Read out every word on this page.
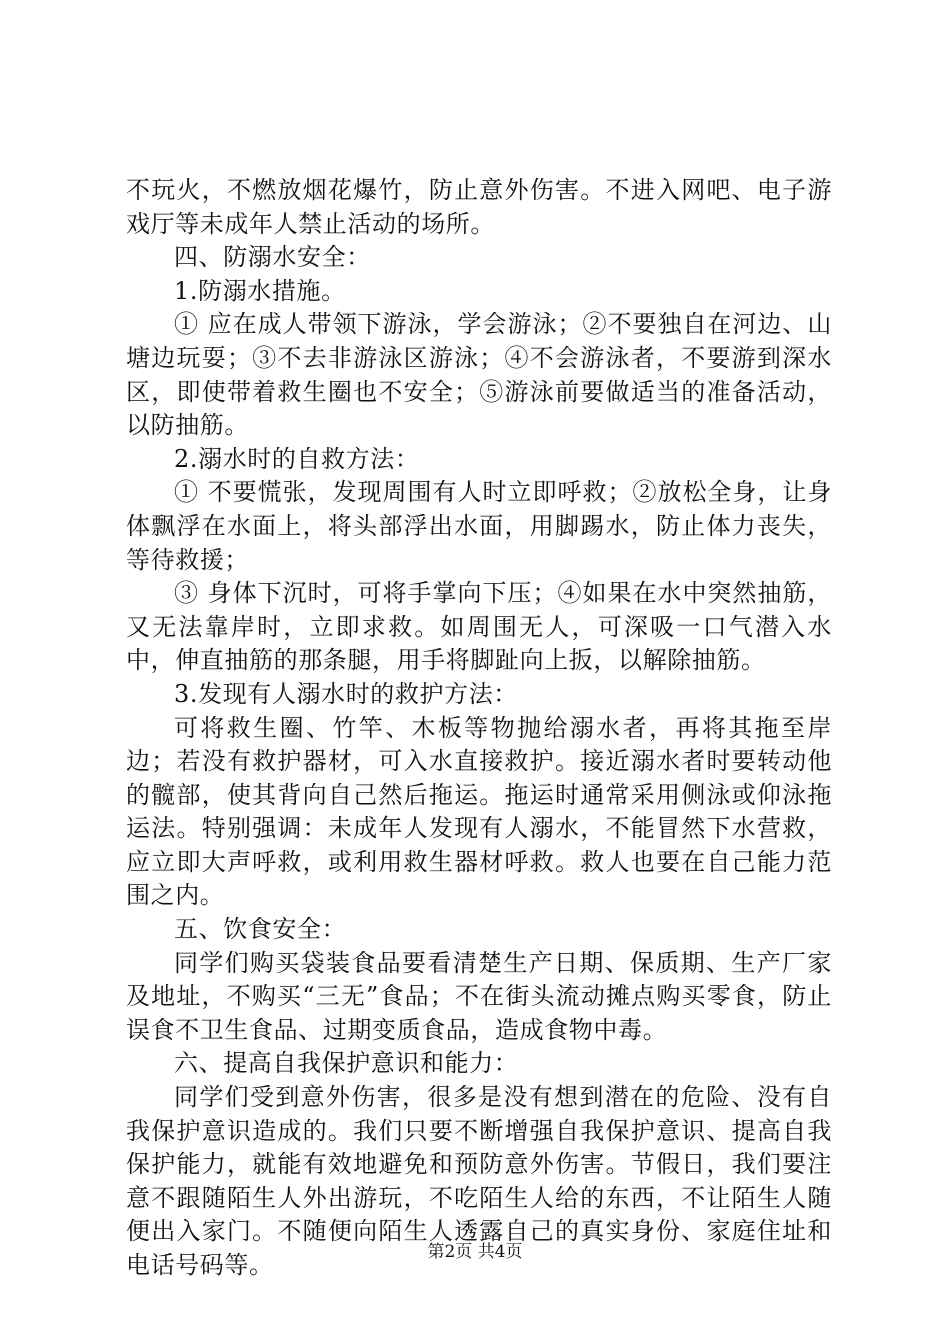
不玩火，不燃放烟花爆竹，防止意外伤害。不进入网吧、电子游戏厅等未成年人禁止活动的场所。

四、防溺水安全：

1.防溺水措施。

① 应在成人带领下游泳，学会游泳；②不要独自在河边、山塘边玩耍；③不去非游泳区游泳；④不会游泳者，不要游到深水区，即使带着救生圈也不安全；⑤游泳前要做适当的准备活动，以防抽筋。

2.溺水时的自救方法：

① 不要慌张，发现周围有人时立即呼救；②放松全身，让身体飘浮在水面上，将头部浮出水面，用脚踢水，防止体力丧失，等待救援；

③ 身体下沉时，可将手掌向下压；④如果在水中突然抽筋，又无法靠岸时，立即求救。如周围无人，可深吸一口气潜入水中，伸直抽筋的那条腿，用手将脚趾向上扳，以解除抽筋。

3.发现有人溺水时的救护方法：

可将救生圈、竹竿、木板等物抛给溺水者，再将其拖至岸边；若没有救护器材，可入水直接救护。接近溺水者时要转动他的髋部，使其背向自己然后拖运。拖运时通常采用侧泳或仰泳拖运法。特别强调：未成年人发现有人溺水，不能冒然下水营救，应立即大声呼救，或利用救生器材呼救。救人也要在自己能力范围之内。

五、饮食安全：

同学们购买袋装食品要看清楚生产日期、保质期、生产厂家及地址，不购买“三无”食品；不在街头流动摊点购买零食，防止误食不卫生食品、过期变质食品，造成食物中毒。

六、提高自我保护意识和能力：

同学们受到意外伤害，很多是没有想到潜在的危险、没有自我保护意识造成的。我们只要不断增强自我保护意识、提高自我保护能力，就能有效地避免和预防意外伤害。节假日，我们要注意不跟随陌生人外出游玩，不吃陌生人给的东西，不让陌生人随便出入家门。不随便向陌生人透露自己的真实身份、家庭住址和电话号码等。	第2页 共4页
